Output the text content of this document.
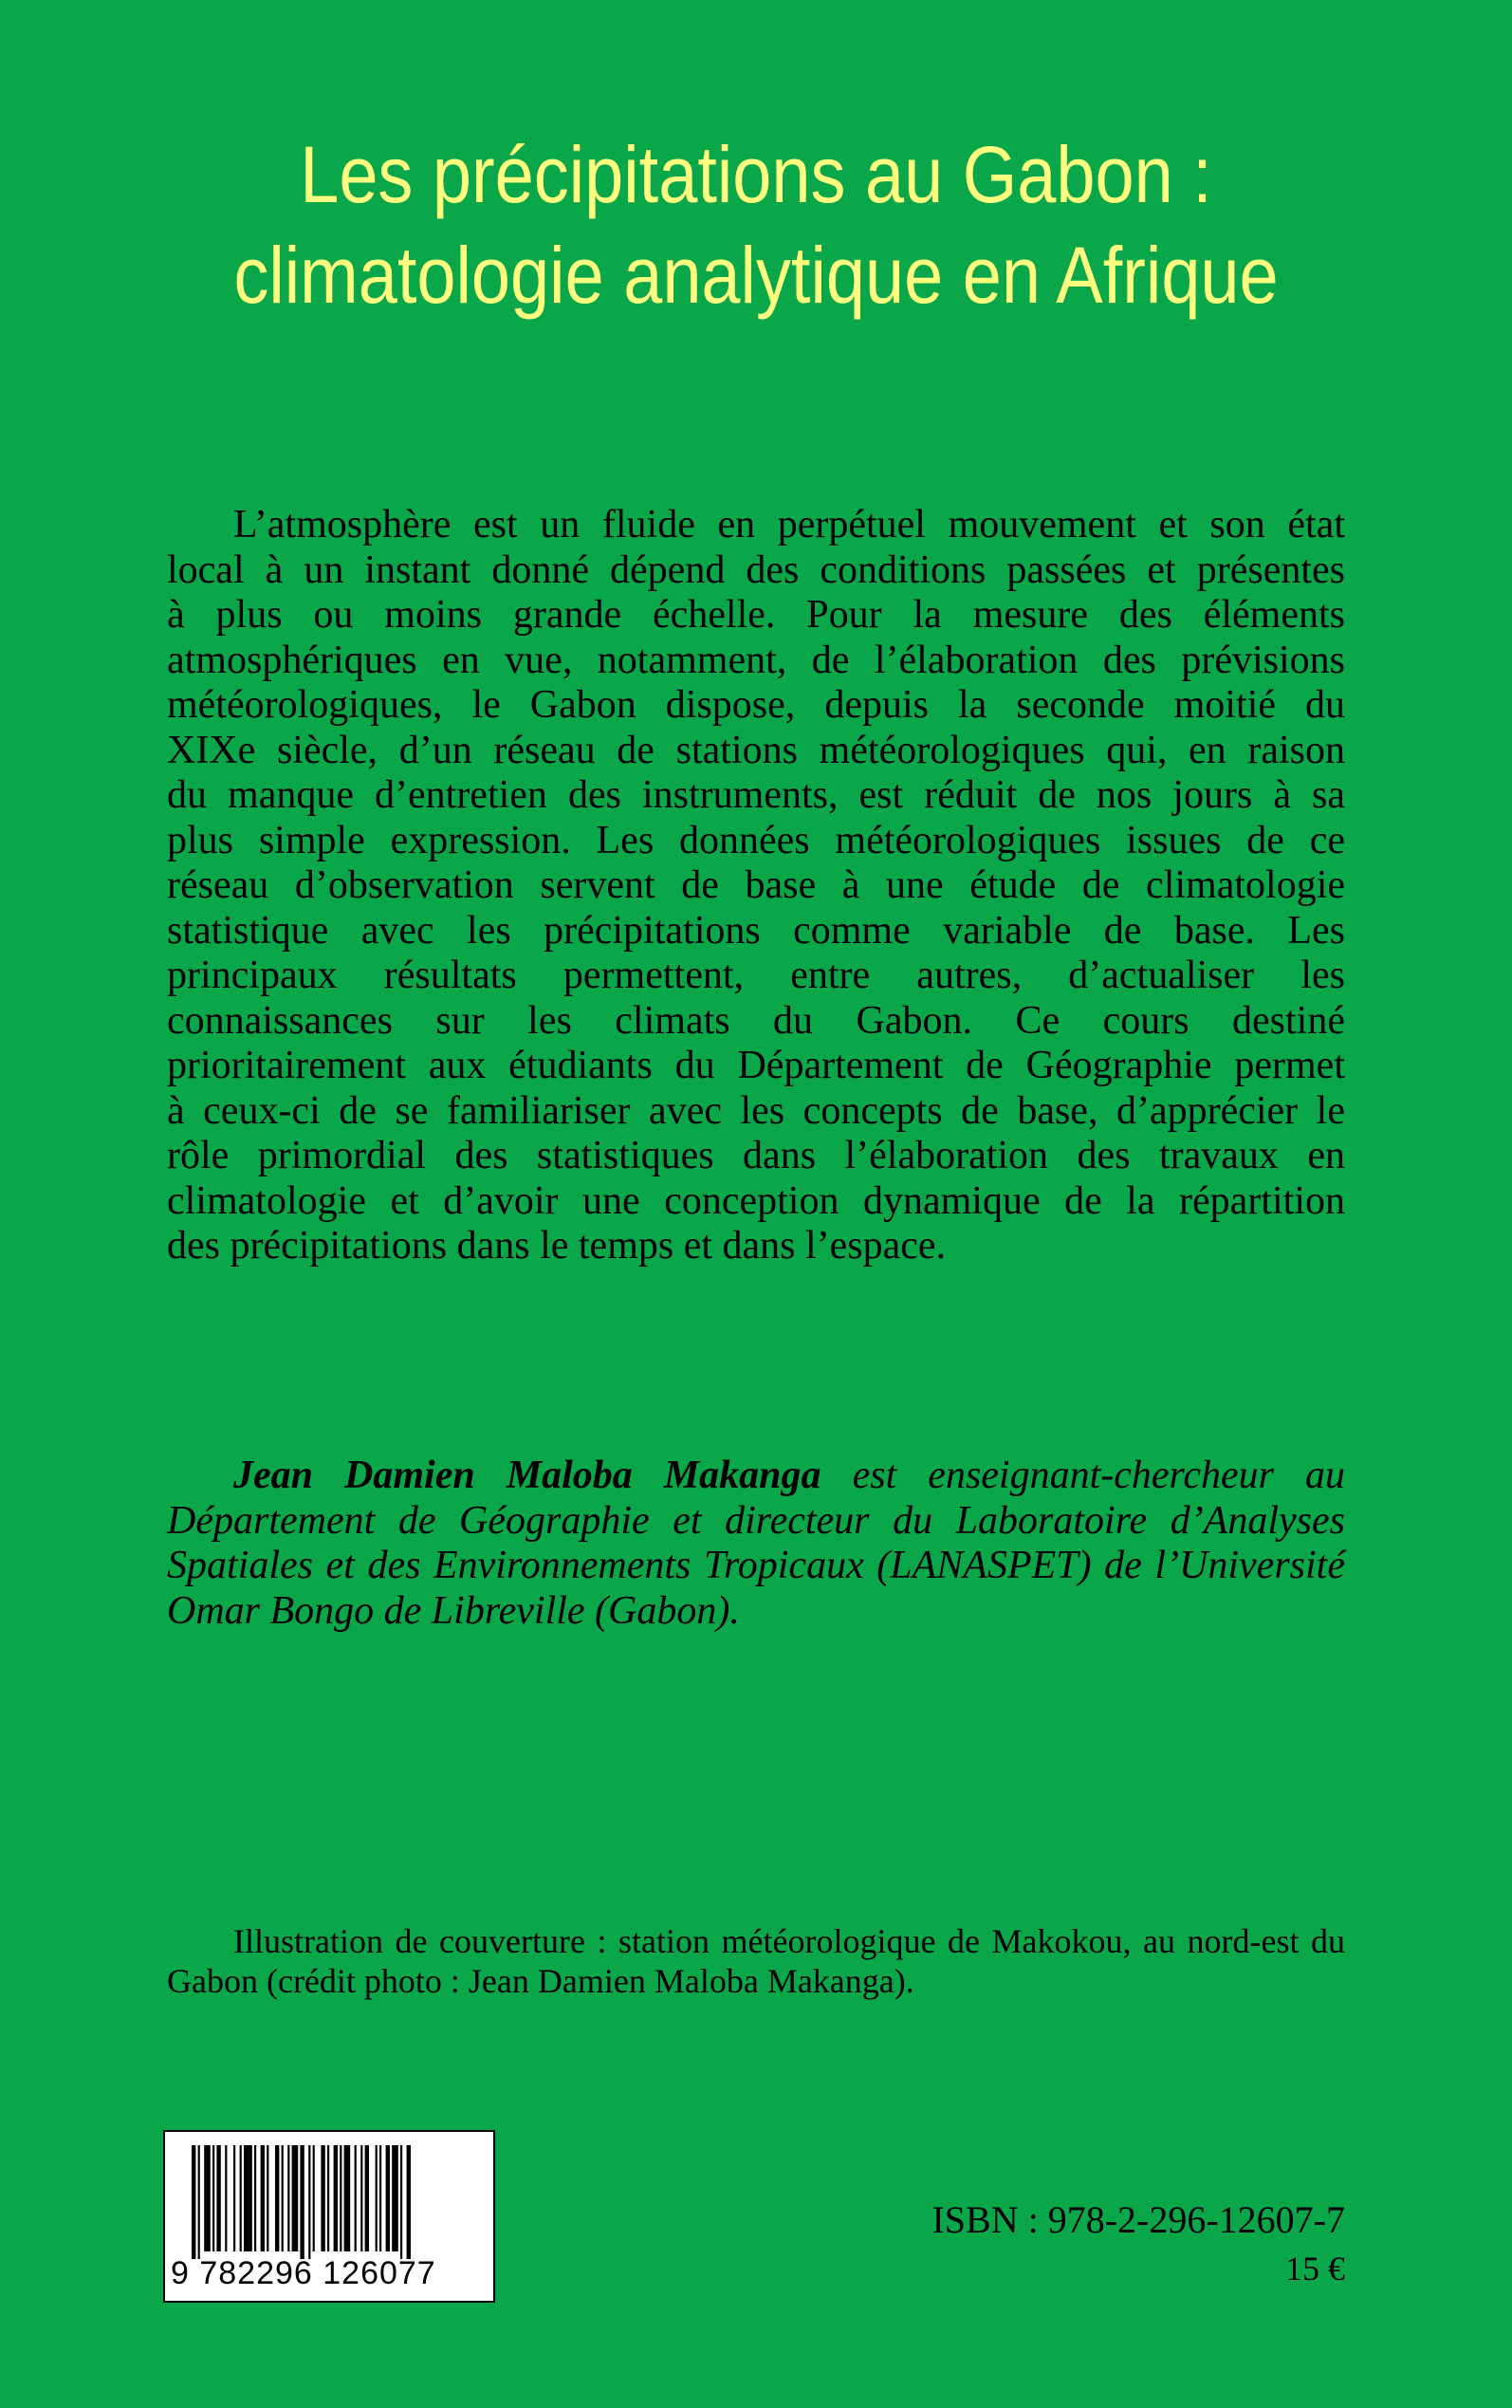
Les précipitations au Gabon :
climatologie analytique en Afrique
L’atmosphère est un fluide en perpétuel mouvement et son état
local à un instant donné dépend des conditions passées et présentes
à plus ou moins grande échelle. Pour la mesure des éléments
atmosphériques en vue, notamment, de l’élaboration des prévisions
météorologiques, le Gabon dispose, depuis la seconde moitié du
XIXe siècle, d’un réseau de stations météorologiques qui, en raison
du manque d’entretien des instruments, est réduit de nos jours à sa
plus simple expression. Les données météorologiques issues de ce
réseau d’observation servent de base à une étude de climatologie
statistique avec les précipitations comme variable de base. Les
principaux résultats permettent, entre autres, d’actualiser les
connaissances sur les climats du Gabon. Ce cours destiné
prioritairement aux étudiants du Département de Géographie permet
à ceux-ci de se familiariser avec les concepts de base, d’apprécier le
rôle primordial des statistiques dans l’élaboration des travaux en
climatologie et d’avoir une conception dynamique de la répartition
des précipitations dans le temps et dans l’espace.
Jean Damien Maloba Makanga est enseignant-chercheur au
Département de Géographie et directeur du Laboratoire d’Analyses
Spatiales et des Environnements Tropicaux (LANASPET) de l’Université
Omar Bongo de Libreville (Gabon).
Illustration de couverture : station météorologique de Makokou, au nord-est du
Gabon (crédit photo : Jean Damien Maloba Makanga).
9 782296 126077
ISBN : 978-2-296-12607-7
15 €
